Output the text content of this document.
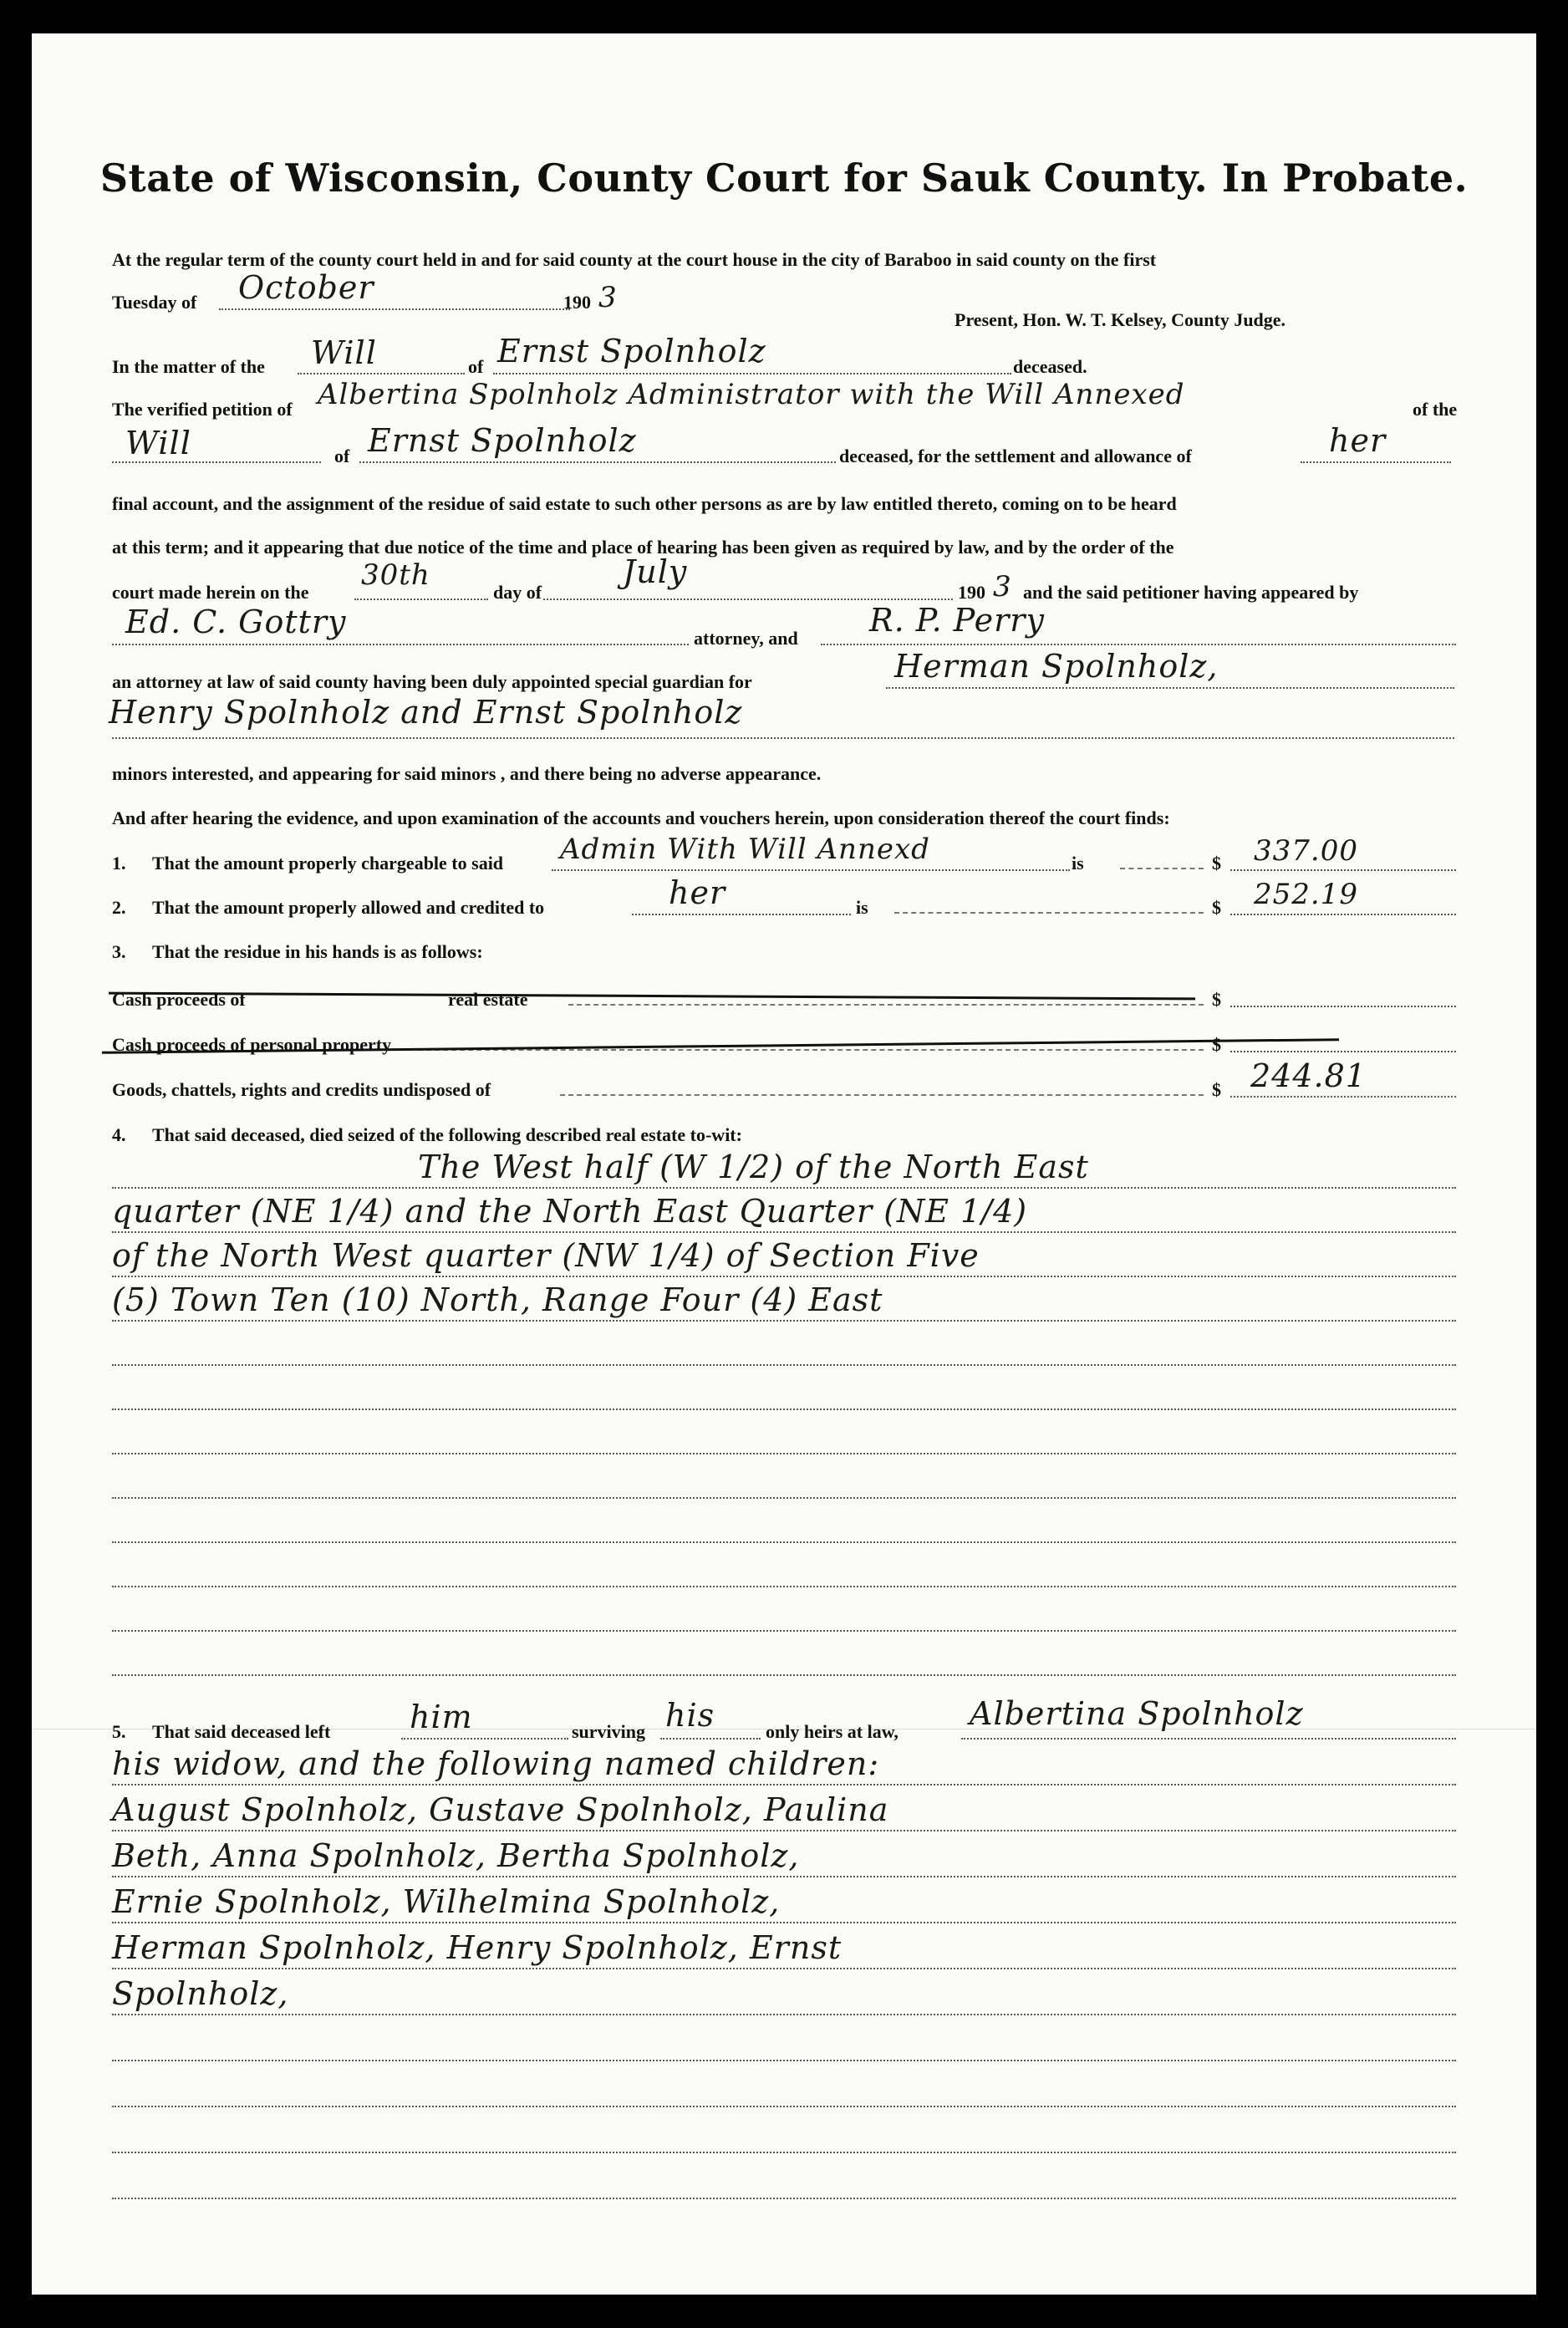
State of Wisconsin, County Court for Sauk County. In Probate.
At the regular term of the county court held in and for said county at the court house in the city of Baraboo in said county on the first
Tuesday of October	190 3
Present, Hon. W. T. Kelsey, County Judge.
In the matter of the Will	of Ernst Spolnholz	deceased.
The verified petition of Albertina Spolnholz Administrator with the Will Annexed	of the
Will	of Ernst Spolnholz	deceased, for the settlement and allowance of	her
final account, and the assignment of the residue of said estate to such other persons as are by law entitled thereto, coming on to be heard
at this term; and it appearing that due notice of the time and place of hearing has been given as required by law, and by the order of the
court made herein on the
30th
day of
July
190 3 and the said petitioner having appeared by
Ed. C. Gottry	attorney, and R. P. Perry
an attorney at law of said county having been duly appointed special guardian for	Herman Spolnholz,
Henry Spolnholz and Ernst Spolnholz
minors interested, and appearing for said minors , and there being no adverse appearance.
And after hearing the evidence, and upon examination of the accounts and vouchers herein, upon consideration thereof the court finds:
1. That the amount properly chargeable to said Admin With Will Annexd	is	$ 337.00
2. That the amount properly allowed and credited to	her	is	$ 252.19
3. That the residue in his hands is as follows:
Cash proceeds of	real estate	$
Cash proceeds of personal property	$
Goods, chattels, rights and credits undisposed of	$ 244.81
4. That said deceased, died seized of the following described real estate to-wit:
The West half (W 1/2) of the North East
quarter (NE 1/4) and the North East Quarter (NE 1/4)
of the North West quarter (NW 1/4) of Section Five
(5) Town Ten (10) North, Range Four (4) East
5. That said deceased left him	surviving his	only heirs at law, Albertina Spolnholz
his widow, and the following named children:
August Spolnholz, Gustave Spolnholz, Paulina
Beth, Anna Spolnholz, Bertha Spolnholz,
Ernie Spolnholz, Wilhelmina Spolnholz,
Herman Spolnholz, Henry Spolnholz, Ernst
Spolnholz,
